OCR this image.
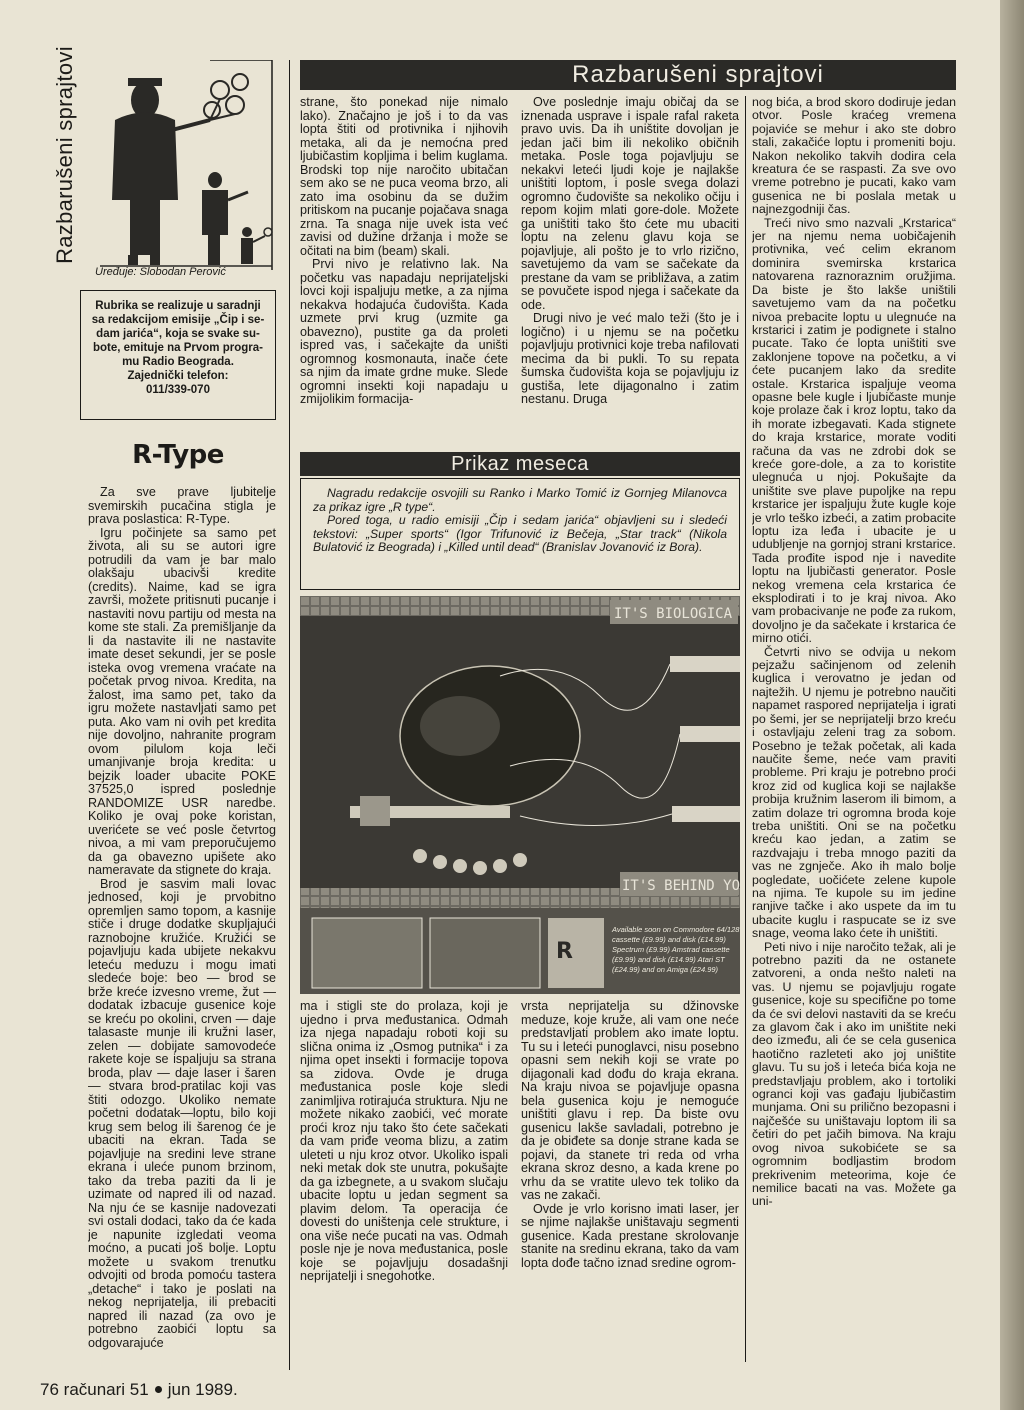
Razbarušeni sprajtovi
Uređuje: Slobodan Perović
Rubrika se realizuje u saradnji
sa redakcijom emisije „Čip i se-
dam jarića“, koja se svake su-
bote, emituje na Prvom progra-
mu Radio Beograda.
Zajednički telefon:
011/339-070
R-Type

Za sve prave ljubitelje svemirskih pucačina stigla je prava poslastica: R-Type.

Igru počinjete sa samo pet života, ali su se autori igre potrudili da vam je bar malo olakšaju ubacivši kredite (credits). Naime, kad se igra završi, možete pritisnuti pucanje i nastaviti novu partiju od mesta na kome ste stali. Za premišljanje da li da nastavite ili ne nastavite imate deset sekundi, jer se posle isteka ovog vremena vraćate na početak prvog nivoa. Kredita, na žalost, ima samo pet, tako da igru možete nastavljati samo pet puta. Ako vam ni ovih pet kredita nije dovoljno, nahranite program ovom pilulom koja leči umanjivanje broja kredita: u bejzik loader ubacite POKE 37525,0 ispred poslednje RANDOMIZE USR naredbe. Koliko je ovaj poke koristan, uverićete se već posle četvrtog nivoa, a mi vam preporučujemo da ga obavezno upišete ako nameravate da stignete do kraja.

Brod je sasvim mali lovac jednosed, koji je prvobitno opremljen samo topom, a kasnije stiče i druge dodatke skupljajući raznobojne kružiće. Kružići se pojavljuju kada ubijete nekakvu leteću meduzu i mogu imati sledeće boje: beo — brod se brže kreće izvesno vreme, žut — dodatak izbacuje gusenice koje se kreću po okolini, crven — daje talasaste munje ili kružni laser, zelen — dobijate samovodeće rakete koje se ispaljuju sa strana broda, plav — daje laser i šaren — stvara brod-pratilac koji vas štiti odozgo. Ukoliko nemate početni dodatak—loptu, bilo koji krug sem belog ili šarenog će je ubaciti na ekran. Tada se pojavljuje na sredini leve strane ekrana i uleće punom brzinom, tako da treba paziti da li je uzimate od napred ili od nazad. Na nju će se kasnije nadovezati svi ostali dodaci, tako da će kada je napunite izgledati veoma moćno, a pucati još bolje. Loptu možete u svakom trenutku odvojiti od broda pomoću tastera „detache“ i tako je poslati na nekog neprijatelja, ili prebaciti napred ili nazad (za ovo je potrebno zaobići loptu sa odgovarajuće

Razbarušeni sprajtovi

strane, što ponekad nije nimalo lako). Značajno je još i to da vas lopta štiti od protivnika i njihovih metaka, ali da je nemoćna pred ljubičastim kopljima i belim kuglama. Brodski top nije naročito ubitačan sem ako se ne puca veoma brzo, ali zato ima osobinu da se dužim pritiskom na pucanje pojačava snaga zrna. Ta snaga nije uvek ista već zavisi od dužine držanja i može se očitati na bim (beam) skali.

Prvi nivo je relativno lak. Na početku vas napadaju neprijateljski lovci koji ispaljuju metke, a za njima nekakva hodajuća čudovišta. Kada uzmete prvi krug (uzmite ga obavezno), pustite ga da proleti ispred vas, i sačekajte da uništi ogromnog kosmonauta, inače ćete sa njim da imate grdne muke. Slede ogromni insekti koji napadaju u zmijolikim formacija-

Ove poslednje imaju običaj da se iznenada usprave i ispale rafal raketa pravo uvis. Da ih uništite dovoljan je jedan jači bim ili nekoliko običnih metaka. Posle toga pojavljuju se nekakvi leteći ljudi koje je najlakše uništiti loptom, i posle svega dolazi ogromno čudovište sa nekoliko očiju i repom kojim mlati gore-dole. Možete ga uništiti tako što ćete mu ubaciti loptu na zelenu glavu koja se pojavljuje, ali pošto je to vrlo rizično, savetujemo da vam se sačekate da prestane da vam se približava, a zatim se povučete ispod njega i sačekate da ode.

Drugi nivo je već malo teži (što je i logično) i u njemu se na početku pojavljuju protivnici koje treba nafilovati mecima da bi pukli. To su repata šumska čudovišta koja se pojavljuju iz gustiša, lete dijagonalno i zatim nestanu. Druga

Prikaz meseca

Nagradu redakcije osvojili su Ranko i Marko Tomić iz Gornjeg Milanovca za prikaz igre „R type“.

Pored toga, u radio emisiji „Čip i sedam jarića“ objavljeni su i sledeći tekstovi: „Super sports“ (Igor Trifunović iz Bečeja, „Star track“ (Nikola Bulatović iz Beograda) i „Killed until dead“ (Branislav Jovanović iz Bora).

IT'S BIOLOGICA
IT'S BEHIND YO
R
Available soon on Commodore 64/128
cassette (£9.99) and disk (£14.99)
Spectrum (£9.99) Amstrad cassette
(£9.99) and disk (£14.99) Atari ST
(£24.99) and on Amiga (£24.99)

ma i stigli ste do prolaza, koji je ujedno i prva međustanica. Odmah iza njega napadaju roboti koji su slična onima iz „Osmog putnika“ i za njima opet insekti i formacije topova sa zidova. Ovde je druga međustanica posle koje sledi zanimljiva rotirajuća struktura. Nju ne možete nikako zaobići, već morate proći kroz nju tako što ćete sačekati da vam priđe veoma blizu, a zatim uleteti u nju kroz otvor. Ukoliko ispali neki metak dok ste unutra, pokušajte da ga izbegnete, a u svakom slučaju ubacite loptu u jedan segment sa plavim delom. Ta operacija će dovesti do uništenja cele strukture, i ona više neće pucati na vas. Odmah posle nje je nova međustanica, posle koje se pojavljuju dosadašnji neprijatelji i snegohotke.

vrsta neprijatelja su džinovske meduze, koje kruže, ali vam one neće predstavljati problem ako imate loptu. Tu su i leteći punoglavci, nisu posebno opasni sem nekih koji se vrate po dijagonali kad dođu do kraja ekrana. Na kraju nivoa se pojavljuje opasna bela gusenica koju je nemoguće uništiti glavu i rep. Da biste ovu gusenicu lakše savladali, potrebno je da je obiđete sa donje strane kada se pojavi, da stanete tri reda od vrha ekrana skroz desno, a kada krene po vrhu da se vratite ulevo tek toliko da vas ne zakači.

Ovde je vrlo korisno imati laser, jer se njime najlakše uništavaju segmenti gusenice. Kada prestane skrolovanje stanite na sredinu ekrana, tako da vam lopta dođe tačno iznad sredine ogrom-

nog bića, a brod skoro dodiruje jedan otvor. Posle kraćeg vremena pojaviće se mehur i ako ste dobro stali, zakačiće loptu i promeniti boju. Nakon nekoliko takvih dodira cela kreatura će se raspasti. Za sve ovo vreme potrebno je pucati, kako vam gusenica ne bi poslala metak u najnezgodniji čas.

Treći nivo smo nazvali „Krstarica“ jer na njemu nema uobičajenih protivnika, već celim ekranom dominira svemirska krstarica natovarena raznoraznim oružjima. Da biste je što lakše uništili savetujemo vam da na početku nivoa prebacite loptu u ulegnuće na krstarici i zatim je podignete i stalno pucate. Tako će lopta uništiti sve zaklonjene topove na početku, a vi ćete pucanjem lako da sredite ostale. Krstarica ispaljuje veoma opasne bele kugle i ljubičaste munje koje prolaze čak i kroz loptu, tako da ih morate izbegavati. Kada stignete do kraja krstarice, morate voditi računa da vas ne zdrobi dok se kreće gore-dole, a za to koristite ulegnuća u njoj. Pokušajte da uništite sve plave pupoljke na repu krstarice jer ispaljuju žute kugle koje je vrlo teško izbeći, a zatim probacite loptu iza leđa i ubacite je u udubljenje na gornjoj strani krstarice. Tada prođite ispod nje i navedite loptu na ljubičasti generator. Posle nekog vremena cela krstarica će eksplodirati i to je kraj nivoa. Ako vam probacivanje ne pođe za rukom, dovoljno je da sačekate i krstarica će mirno otići.

Četvrti nivo se odvija u nekom pejzažu sačinjenom od zelenih kuglica i verovatno je jedan od najtežih. U njemu je potrebno naučiti napamet raspored neprijatelja i igrati po šemi, jer se neprijatelji brzo kreću i ostavljaju zeleni trag za sobom. Posebno je težak početak, ali kada naučite šeme, neće vam praviti probleme. Pri kraju je potrebno proći kroz zid od kuglica koji se najlakše probija kružnim laserom ili bimom, a zatim dolaze tri ogromna broda koje treba uništiti. Oni se na početku kreću kao jedan, a zatim se razdvajaju i treba mnogo paziti da vas ne zgnječe. Ako ih malo bolje pogledate, uočićete zelene kupole na njima. Te kupole su im jedine ranjive tačke i ako uspete da im tu ubacite kuglu i raspucate se iz sve snage, veoma lako ćete ih uništiti.

Peti nivo i nije naročito težak, ali je potrebno paziti da ne ostanete zatvoreni, a onda nešto naleti na vas. U njemu se pojavljuju rogate gusenice, koje su specifične po tome da će svi delovi nastaviti da se kreću za glavom čak i ako im uništite neki deo između, ali će se cela gusenica haotično razleteti ako joj uništite glavu. Tu su još i leteća bića koja ne predstavljaju problem, ako i tortoliki ogranci koji vas gađaju ljubičastim munjama. Oni su prilično bezopasni i najčešće su uništavaju loptom ili sa četiri do pet jačih bimova. Na kraju ovog nivoa sukobićete se sa ogromnim bodljastim brodom prekrivenim meteorima, koje će nemilice bacati na vas. Možete ga uni-

76 računari 51 jun 1989.
